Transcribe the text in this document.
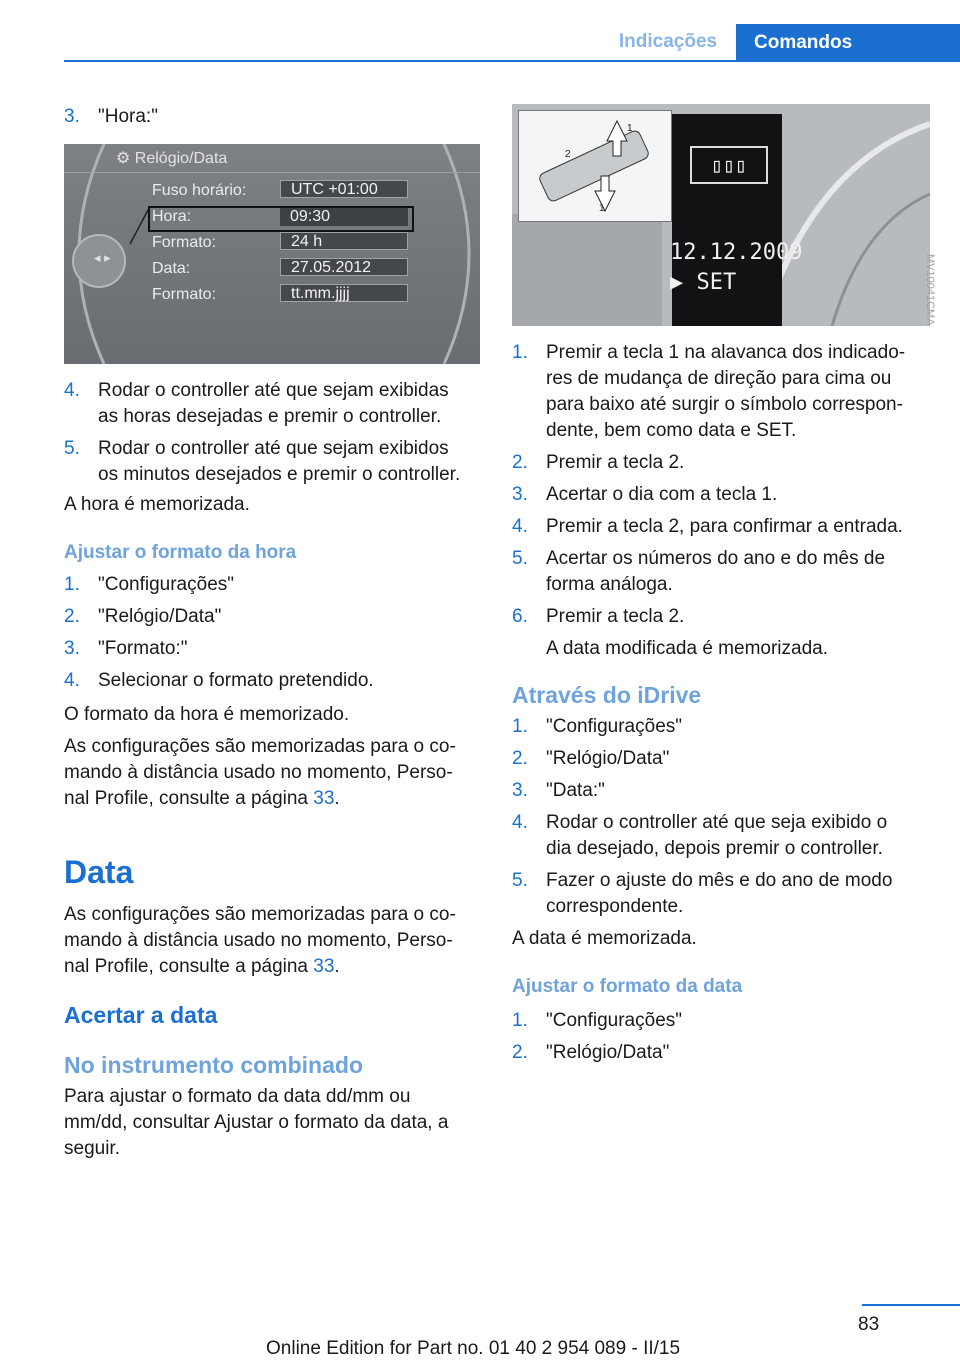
Indicações	Comandos
3. "Hora:"
◂ ▸
⚙ Relógio/Data
Fuso horário:	UTC +01:00
Hora:	09:30
Formato:	24 h
Data:	27.05.2012
Formato:	tt.mm.jjjj
4. Rodar o controller até que sejam exibidas
as horas desejadas e premir o controller.
5. Rodar o controller até que sejam exibidos
os minutos desejados e premir o controller.
A hora é memorizada.
Ajustar o formato da hora
1. "Configurações"
2. "Relógio/Data"
3. "Formato:"
4. Selecionar o formato pretendido.
O formato da hora é memorizado.
As configurações são memorizadas para o co-
mando à distância usado no momento, Perso-
nal Profile, consulte a página 33.
Data
As configurações são memorizadas para o co-
mando à distância usado no momento, Perso-
nal Profile, consulte a página 33.
Acertar a data
No instrumento combinado
Para ajustar o formato da data dd/mm ou
mm/dd, consultar Ajustar o formato da data, a
seguir.
1
1
2	▯▯▯
12.12.2009
▶ SET	MV10041CMA
1. Premir a tecla 1 na alavanca dos indicado-
res de mudança de direção para cima ou
para baixo até surgir o símbolo correspon-
dente, bem como data e SET.
2. Premir a tecla 2.
3. Acertar o dia com a tecla 1.
4. Premir a tecla 2, para confirmar a entrada.
5. Acertar os números do ano e do mês de
forma análoga.
6. Premir a tecla 2.
A data modificada é memorizada.
Através do iDrive
1. "Configurações"
2. "Relógio/Data"
3. "Data:"
4. Rodar o controller até que seja exibido o
dia desejado, depois premir o controller.
5. Fazer o ajuste do mês e do ano de modo
correspondente.
A data é memorizada.
Ajustar o formato da data
1. "Configurações"
2. "Relógio/Data"
83
Online Edition for Part no. 01 40 2 954 089 - II/15
